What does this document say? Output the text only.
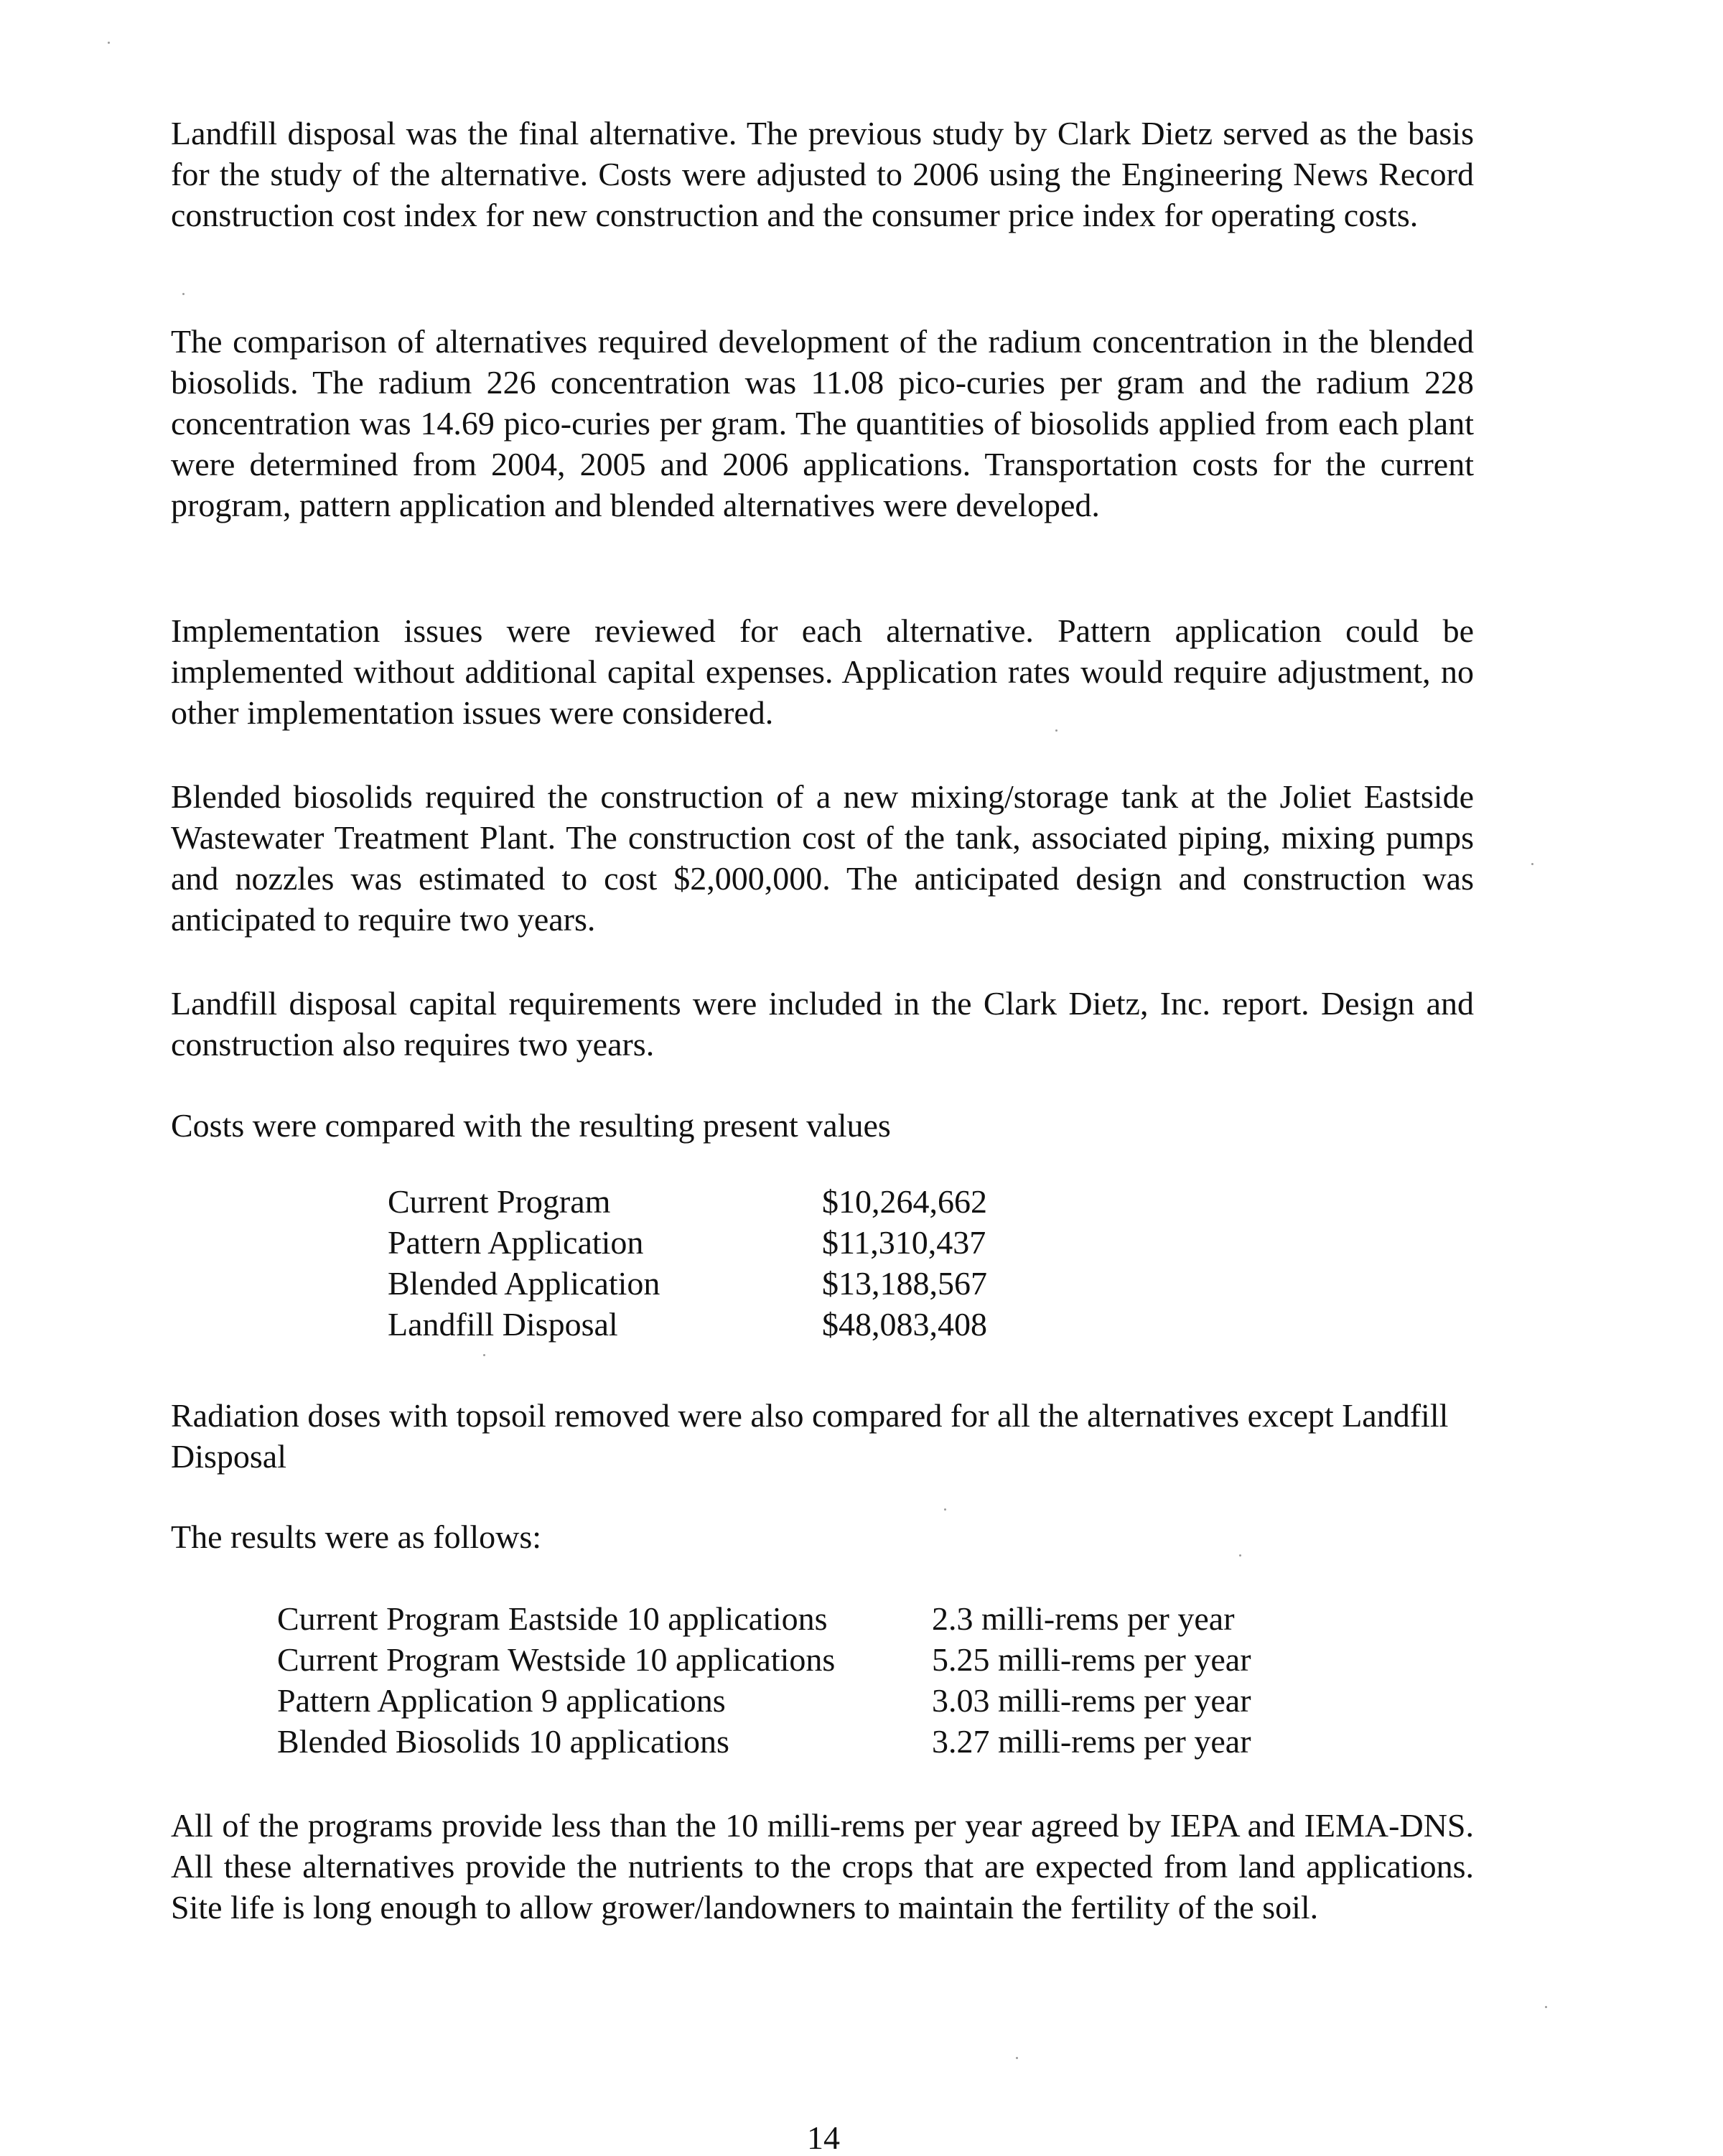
Landfill disposal was the final alternative. The previous study by Clark Dietz served as the basis for the study of the alternative. Costs were adjusted to 2006 using the Engineering News Record construction cost index for new construction and the consumer price index for operating costs.

The comparison of alternatives required development of the radium concentration in the blended biosolids. The radium 226 concentration was 11.08 pico-curies per gram and the radium 228 concentration was 14.69 pico-curies per gram. The quantities of biosolids applied from each plant were determined from 2004, 2005 and 2006 applications. Transportation costs for the current program, pattern application and blended alternatives were developed.

Implementation issues were reviewed for each alternative. Pattern application could be implemented without additional capital expenses. Application rates would require adjustment, no other implementation issues were considered.

Blended biosolids required the construction of a new mixing/storage tank at the Joliet Eastside Wastewater Treatment Plant. The construction cost of the tank, associated piping, mixing pumps and nozzles was estimated to cost $2,000,000. The anticipated design and construction was anticipated to require two years.

Landfill disposal capital requirements were included in the Clark Dietz, Inc. report. Design and construction also requires two years.

Costs were compared with the resulting present values

Current Program	$10,264,662
Pattern Application	$11,310,437
Blended Application	$13,188,567
Landfill Disposal	$48,083,408

Radiation doses with topsoil removed were also compared for all the alternatives except Landfill Disposal

The results were as follows:

Current Program Eastside 10 applications	2.3 milli-rems per year
Current Program Westside 10 applications	5.25 milli-rems per year
Pattern Application 9 applications	3.03 milli-rems per year
Blended Biosolids 10 applications	3.27 milli-rems per year

All of the programs provide less than the 10 milli-rems per year agreed by IEPA and IEMA-DNS. All these alternatives provide the nutrients to the crops that are expected from land applications. Site life is long enough to allow grower/landowners to maintain the fertility of the soil.

14
